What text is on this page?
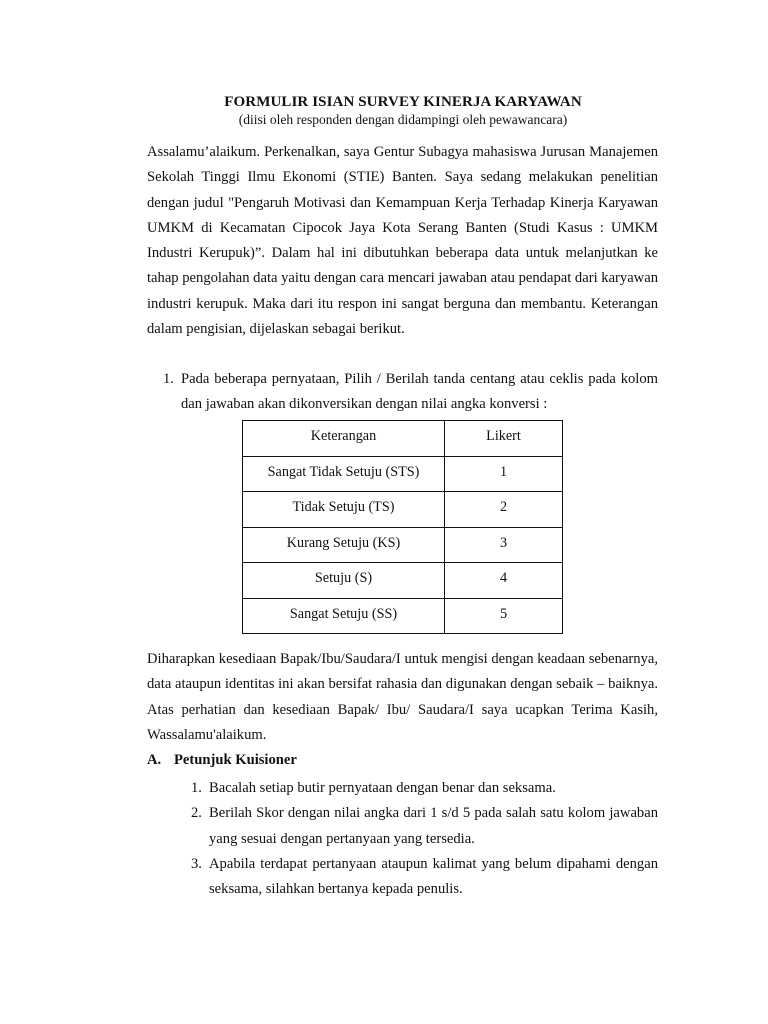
FORMULIR ISIAN SURVEY KINERJA KARYAWAN
(diisi oleh responden dengan didampingi oleh pewawancara)

Assalamu’alaikum. Perkenalkan, saya Gentur Subagya mahasiswa Jurusan Manajemen Sekolah Tinggi Ilmu Ekonomi (STIE) Banten. Saya sedang melakukan penelitian dengan judul "Pengaruh Motivasi dan Kemampuan Kerja Terhadap Kinerja Karyawan UMKM di Kecamatan Cipocok Jaya Kota Serang Banten (Studi Kasus : UMKM Industri Kerupuk)”. Dalam hal ini dibutuhkan beberapa data untuk melanjutkan ke tahap pengolahan data yaitu dengan cara mencari jawaban atau pendapat dari karyawan industri kerupuk. Maka dari itu respon ini sangat berguna dan membantu. Keterangan dalam pengisian, dijelaskan sebagai berikut.

1. Pada beberapa pernyataan, Pilih / Berilah tanda centang atau ceklis pada kolom dan jawaban akan dikonversikan dengan nilai angka konversi :
Keterangan	Likert
Sangat Tidak Setuju (STS)	1
Tidak Setuju (TS)	2
Kurang Setuju (KS)	3
Setuju (S)	4
Sangat Setuju (SS)	5

Diharapkan kesediaan Bapak/Ibu/Saudara/I untuk mengisi dengan keadaan sebenarnya, data ataupun identitas ini akan bersifat rahasia dan digunakan dengan sebaik – baiknya. Atas perhatian dan kesediaan Bapak/ Ibu/ Saudara/I saya ucapkan Terima Kasih, Wassalamu'alaikum.

A. Petunjuk Kuisioner
1. Bacalah setiap butir pernyataan dengan benar dan seksama.
2. Berilah Skor dengan nilai angka dari 1 s/d 5 pada salah satu kolom jawaban yang sesuai dengan pertanyaan yang tersedia.
3. Apabila terdapat pertanyaan ataupun kalimat yang belum dipahami dengan seksama, silahkan bertanya kepada penulis.
